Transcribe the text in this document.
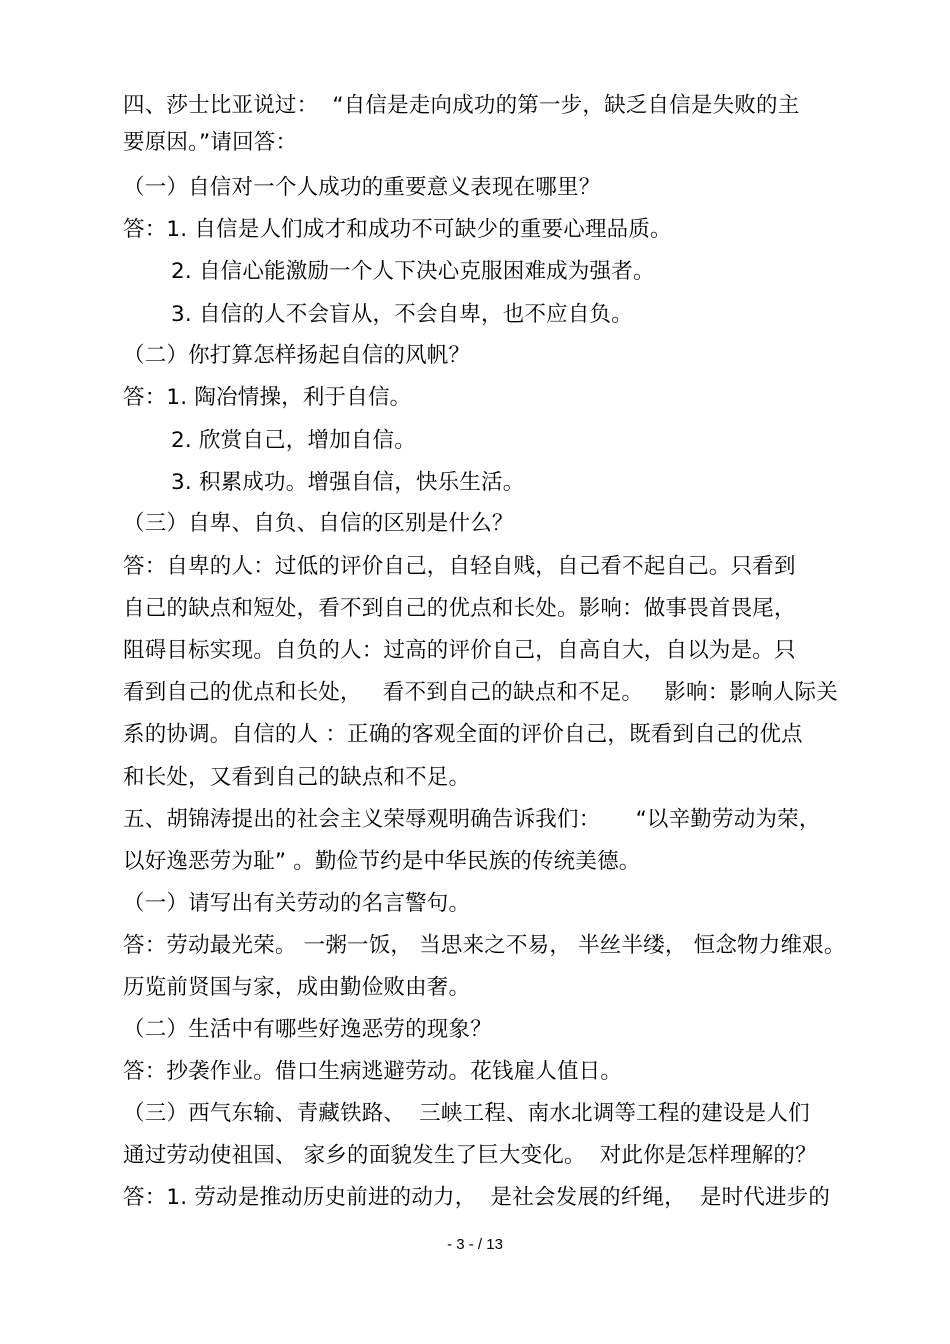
四、莎士比亚说过：  “自信是走向成功的第一步，缺乏自信是失败的主
要原因。”请回答：
（一）自信对一个人成功的重要意义表现在哪里？
答：1. 自信是人们成才和成功不可缺少的重要心理品质。
2. 自信心能激励一个人下决心克服困难成为强者。
3. 自信的人不会盲从，不会自卑，也不应自负。
（二）你打算怎样扬起自信的风帆？
答：1. 陶冶情操，利于自信。
2. 欣赏自己，增加自信。
3. 积累成功。增强自信，快乐生活。
（三）自卑、自负、自信的区别是什么？
答：自卑的人：过低的评价自己，自轻自贱，自己看不起自己。只看到
自己的缺点和短处，看不到自己的优点和长处。影响：做事畏首畏尾，
阻碍目标实现。自负的人：过高的评价自己，自高自大，自以为是。只
看到自己的优点和长处，   看不到自己的缺点和不足。   影响：影响人际关
系的协调。自信的人 ：正确的客观全面的评价自己，既看到自己的优点
和长处，又看到自己的缺点和不足。
五、胡锦涛提出的社会主义荣辱观明确告诉我们：     “以辛勤劳动为荣，
以好逸恶劳为耻” 。勤俭节约是中华民族的传统美德。
（一）请写出有关劳动的名言警句。
答：劳动最光荣。 一粥一饭， 当思来之不易， 半丝半缕， 恒念物力维艰。
历览前贤国与家，成由勤俭败由奢。
（二）生活中有哪些好逸恶劳的现象？
答：抄袭作业。借口生病逃避劳动。花钱雇人值日。
（三）西气东输、青藏铁路、  三峡工程、南水北调等工程的建设是人们
通过劳动使祖国、 家乡的面貌发生了巨大变化。  对此你是怎样理解的？
答：1. 劳动是推动历史前进的动力，  是社会发展的纤绳，  是时代进步的
- 3 - / 13
